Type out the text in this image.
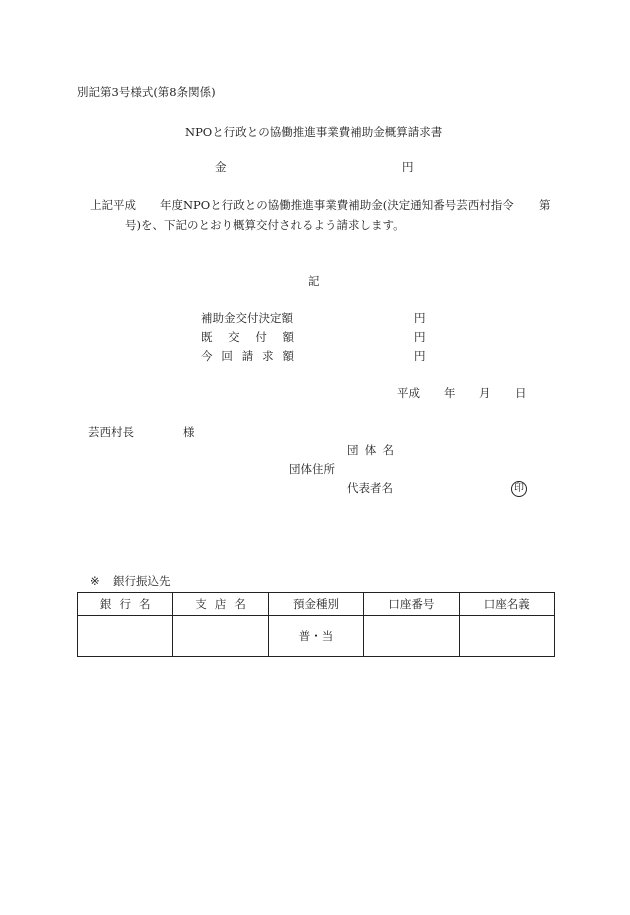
別記第3号様式(第8条関係)
NPOと行政との協働推進事業費補助金概算請求書
金	円
上記平成 年度NPOと行政との協働推進事業費補助金(決定通知番号芸西村指令 第
号)を、下記のとおり概算交付されるよう請求します。
記
補助金交付決定額	円
既 交 付 額	円
今 回 請 求 額	円
平成 年 月 日
芸西村長	様
団 体 名
団体住所
代表者名	印
※ 銀行振込先
銀行名	支店名	預金種別	口座番号	口座名義
		普・当		
